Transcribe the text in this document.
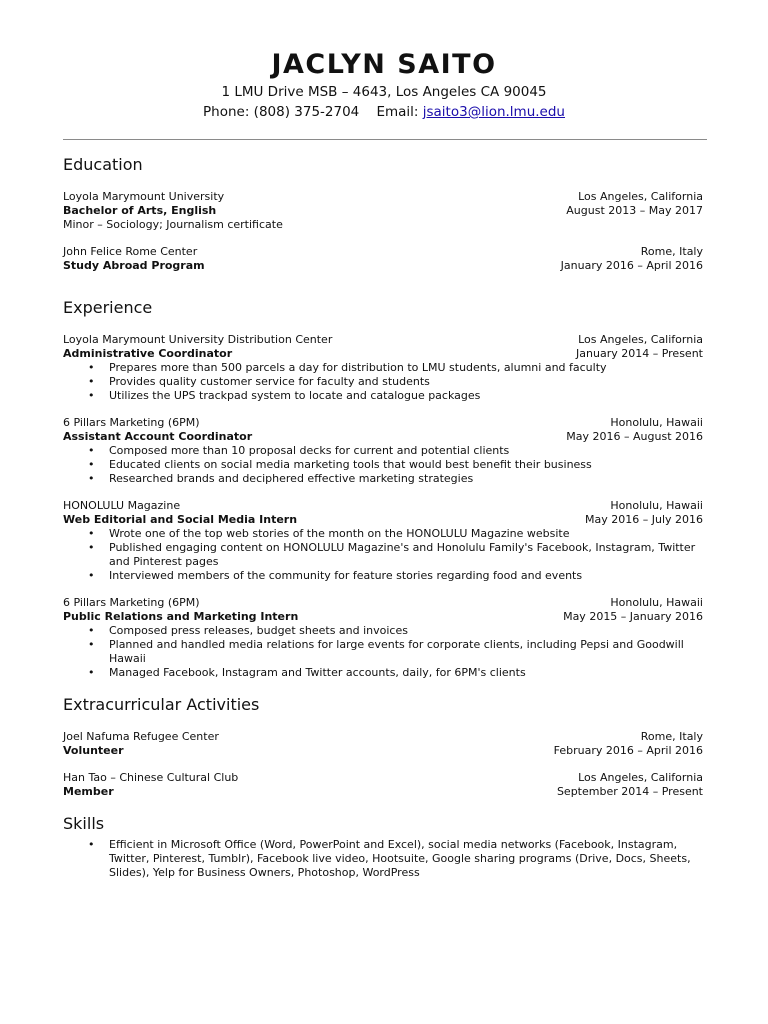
JACLYN SAITO
1 LMU Drive MSB – 4643, Los Angeles CA 90045
Phone: (808) 375-2704 Email: jsaito3@lion.lmu.edu
Education
Loyola Marymount University	Los Angeles, California
Bachelor of Arts, English	August 2013 – May 2017
Minor – Sociology; Journalism certificate
John Felice Rome Center	Rome, Italy
Study Abroad Program	January 2016 – April 2016
Experience
Loyola Marymount University Distribution Center	Los Angeles, California
Administrative Coordinator	January 2014 – Present
• Prepares more than 500 parcels a day for distribution to LMU students, alumni and faculty
• Provides quality customer service for faculty and students
• Utilizes the UPS trackpad system to locate and catalogue packages
6 Pillars Marketing (6PM)	Honolulu, Hawaii
Assistant Account Coordinator	May 2016 – August 2016
• Composed more than 10 proposal decks for current and potential clients
• Educated clients on social media marketing tools that would best benefit their business
• Researched brands and deciphered effective marketing strategies
HONOLULU Magazine	Honolulu, Hawaii
Web Editorial and Social Media Intern	May 2016 – July 2016
• Wrote one of the top web stories of the month on the HONOLULU Magazine website
• Published engaging content on HONOLULU Magazine's and Honolulu Family's Facebook, Instagram, Twitter and Pinterest pages
• Interviewed members of the community for feature stories regarding food and events
6 Pillars Marketing (6PM)	Honolulu, Hawaii
Public Relations and Marketing Intern	May 2015 – January 2016
• Composed press releases, budget sheets and invoices
• Planned and handled media relations for large events for corporate clients, including Pepsi and Goodwill Hawaii
• Managed Facebook, Instagram and Twitter accounts, daily, for 6PM's clients
Extracurricular Activities
Joel Nafuma Refugee Center	Rome, Italy
Volunteer	February 2016 – April 2016
Han Tao – Chinese Cultural Club	Los Angeles, California
Member	September 2014 – Present
Skills
• Efficient in Microsoft Office (Word, PowerPoint and Excel), social media networks (Facebook, Instagram, Twitter, Pinterest, Tumblr), Facebook live video, Hootsuite, Google sharing programs (Drive, Docs, Sheets, Slides), Yelp for Business Owners, Photoshop, WordPress
